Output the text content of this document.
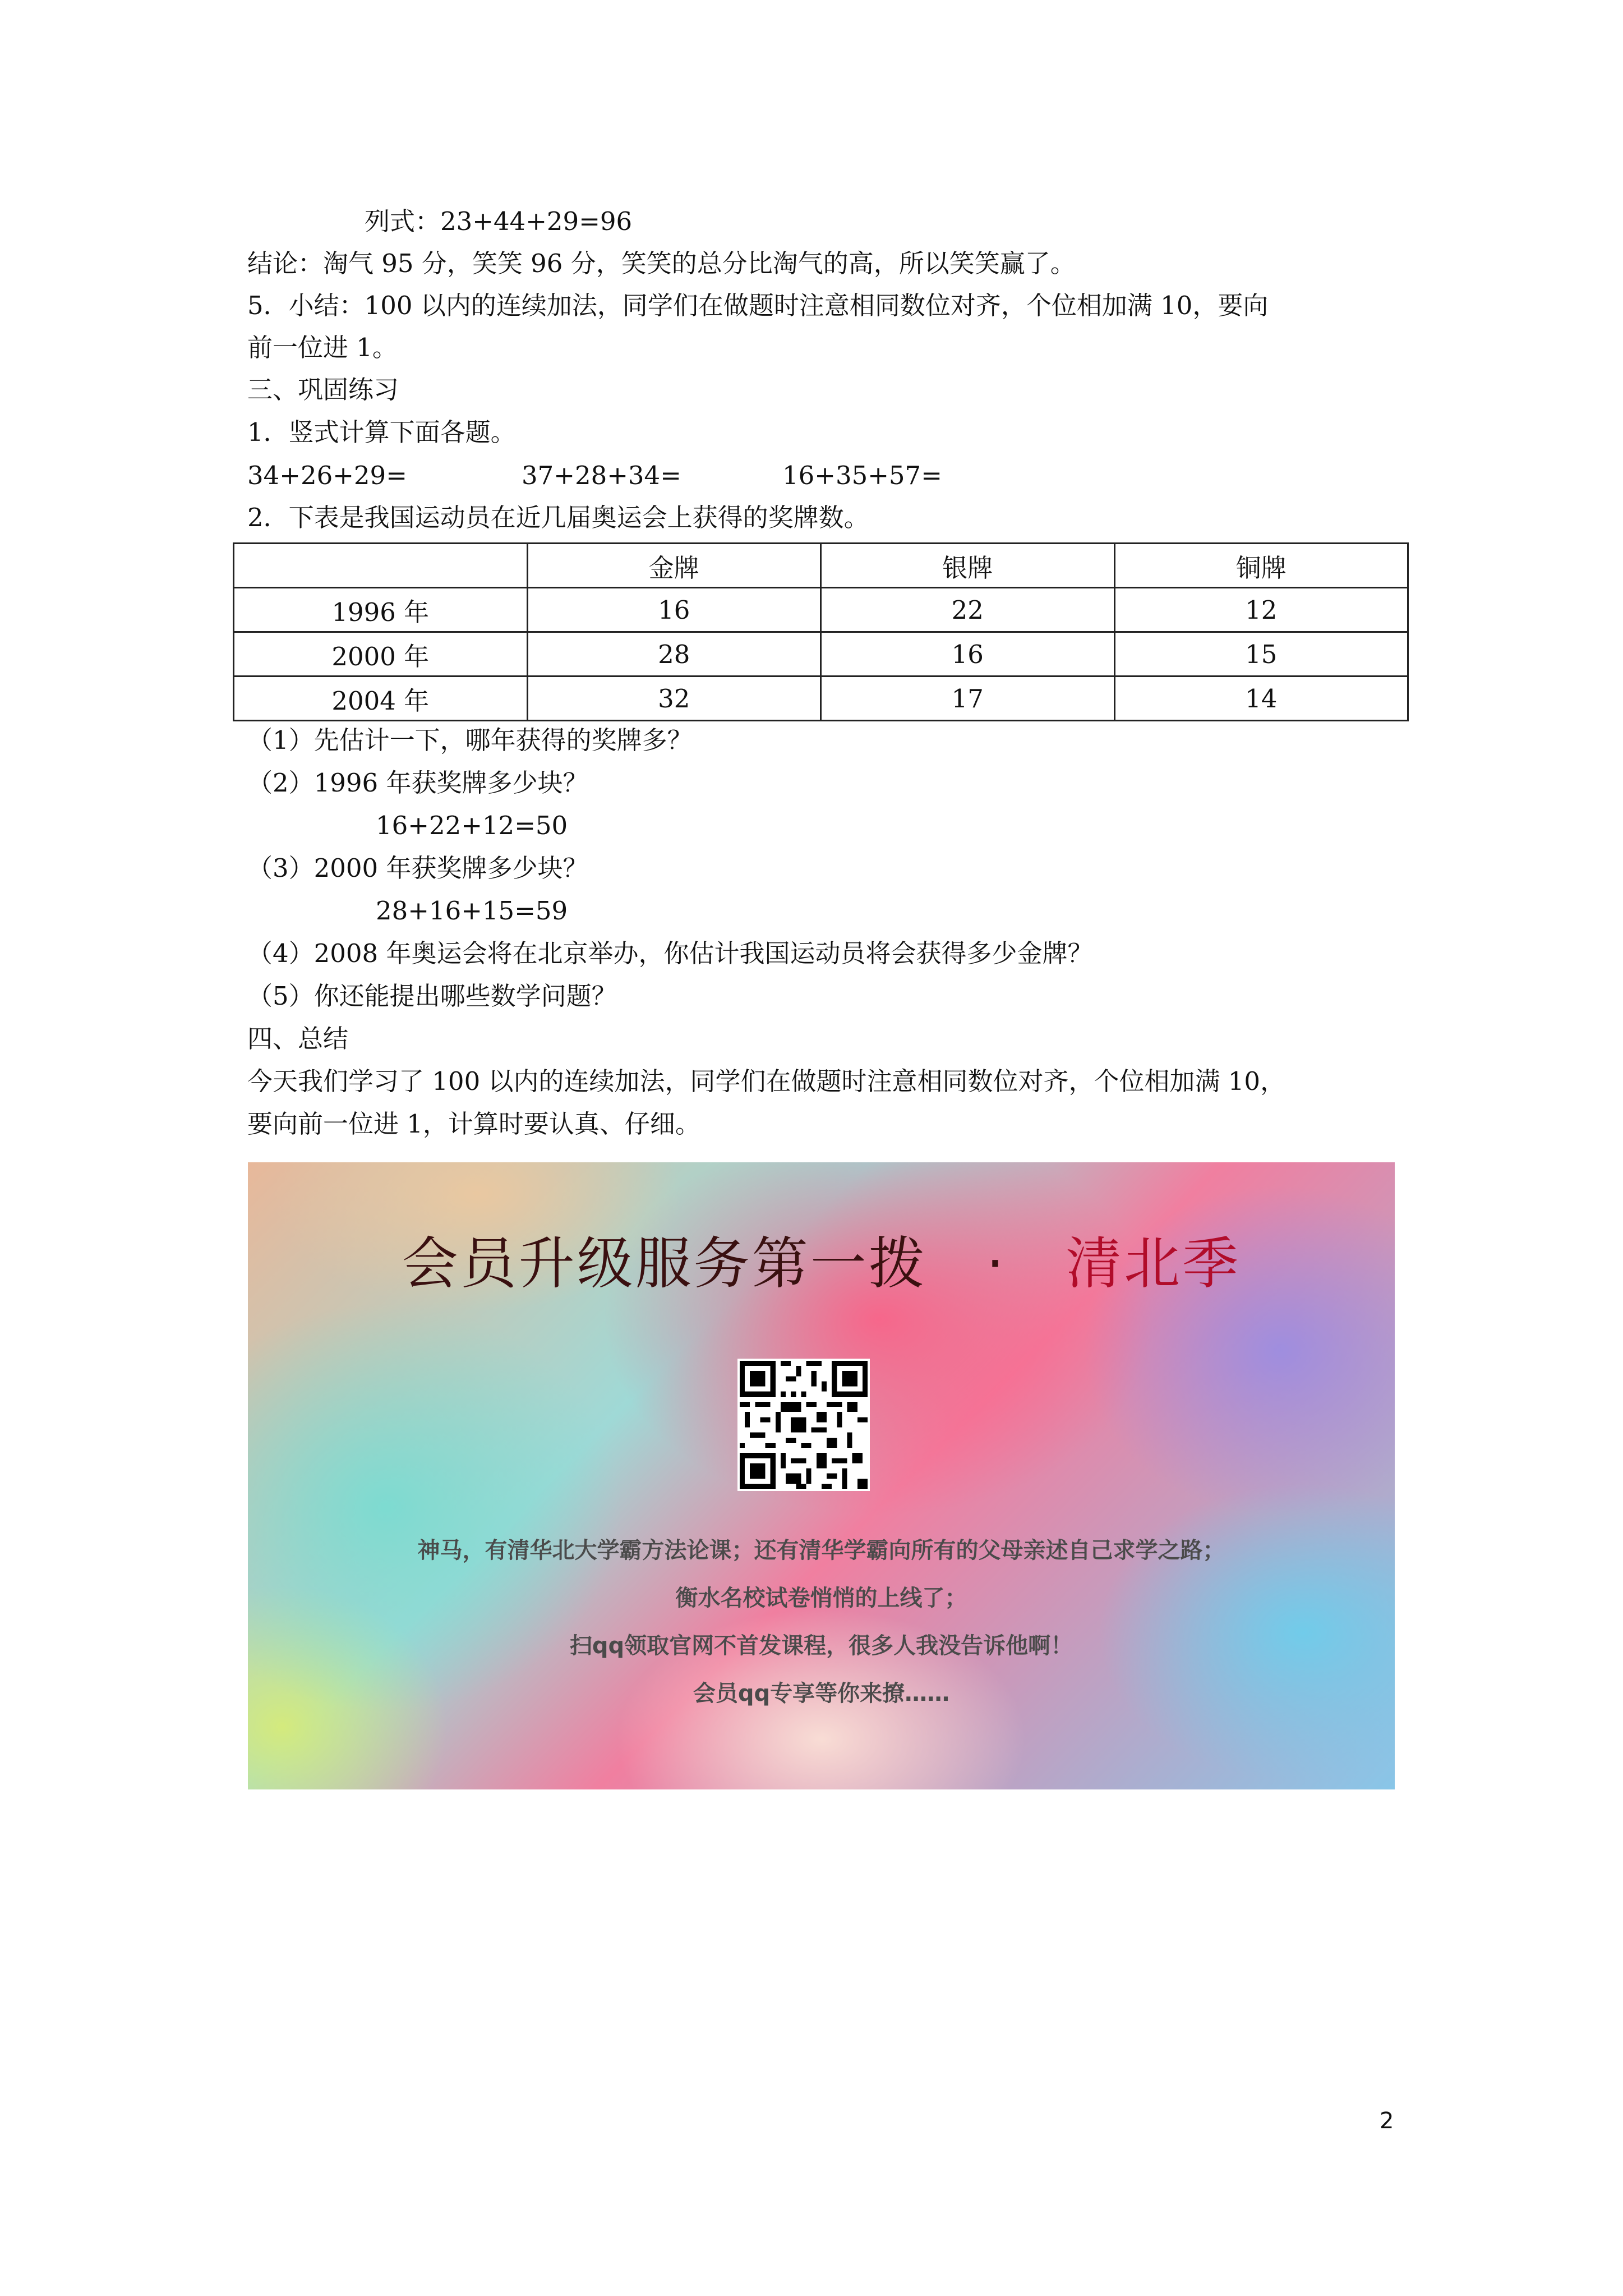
列式：23+44+29=96
结论：淘气 95 分，笑笑 96 分，笑笑的总分比淘气的高，所以笑笑赢了。
5．小结：100 以内的连续加法，同学们在做题时注意相同数位对齐，个位相加满 10，要向
前一位进 1。
三、巩固练习
1．竖式计算下面各题。
34+26+29=	37+28+34=	16+35+57=
2．下表是我国运动员在近几届奥运会上获得的奖牌数。
	金牌	银牌	铜牌
1996 年	16	22	12
2000 年	28	16	15
2004 年	32	17	14
（1）先估计一下，哪年获得的奖牌多？
（2）1996 年获奖牌多少块？
16+22+12=50
（3）2000 年获奖牌多少块？
28+16+15=59
（4）2008 年奥运会将在北京举办，你估计我国运动员将会获得多少金牌？
（5）你还能提出哪些数学问题？
四、总结
今天我们学习了 100 以内的连续加法，同学们在做题时注意相同数位对齐，个位相加满 10，
要向前一位进 1，计算时要认真、仔细。
会员升级服务第一拨 · 清北季
神马，有清华北大学霸方法论课；还有清华学霸向所有的父母亲述自己求学之路；
衡水名校试卷悄悄的上线了；
扫qq领取官网不首发课程，很多人我没告诉他啊！
会员qq专享等你来撩……
2
